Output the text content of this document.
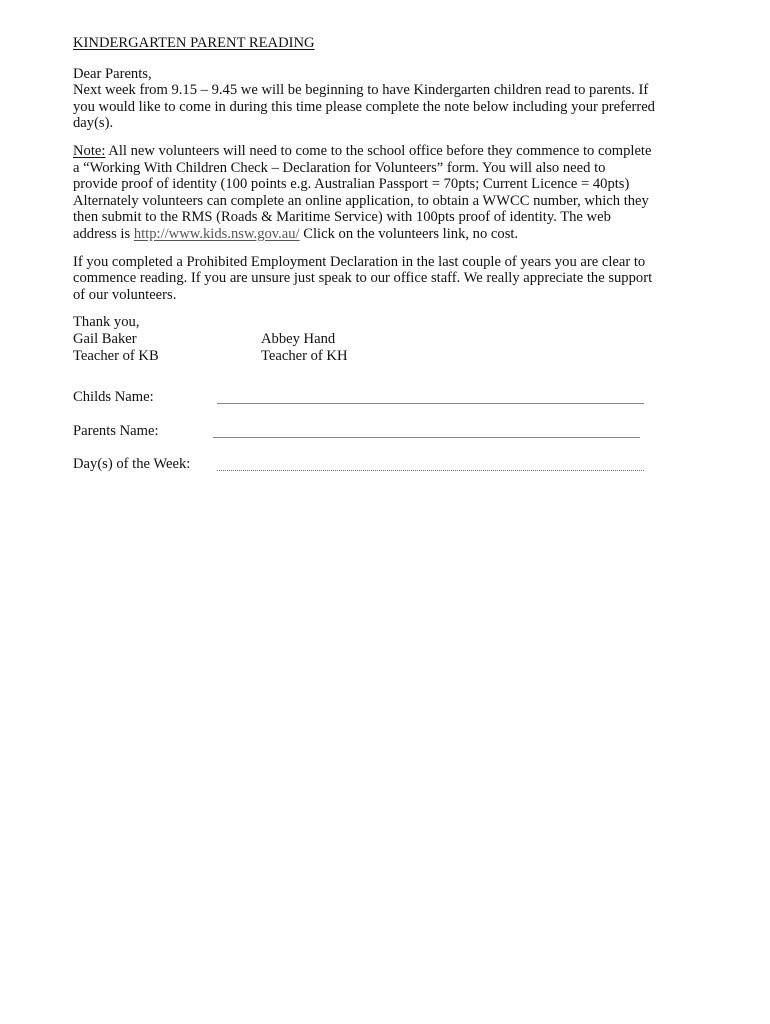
KINDERGARTEN PARENT READING
Dear Parents,
Next week from 9.15 – 9.45 we will be beginning to have Kindergarten children read to parents. If
you would like to come in during this time please complete the note below including your preferred
day(s).
Note: All new volunteers will need to come to the school office before they commence to complete
a “Working With Children Check – Declaration for Volunteers” form. You will also need to
provide proof of identity (100 points e.g. Australian Passport = 70pts; Current Licence = 40pts)
Alternately volunteers can complete an online application, to obtain a WWCC number, which they
then submit to the RMS (Roads & Maritime Service) with 100pts proof of identity. The web
address is http://www.kids.nsw.gov.au/ Click on the volunteers link, no cost.
If you completed a Prohibited Employment Declaration in the last couple of years you are clear to
commence reading. If you are unsure just speak to our office staff. We really appreciate the support
of our volunteers.
Thank you,
Gail Baker	Abbey Hand
Teacher of KB	Teacher of KH
Childs Name:
Parents Name:
Day(s) of the Week:
